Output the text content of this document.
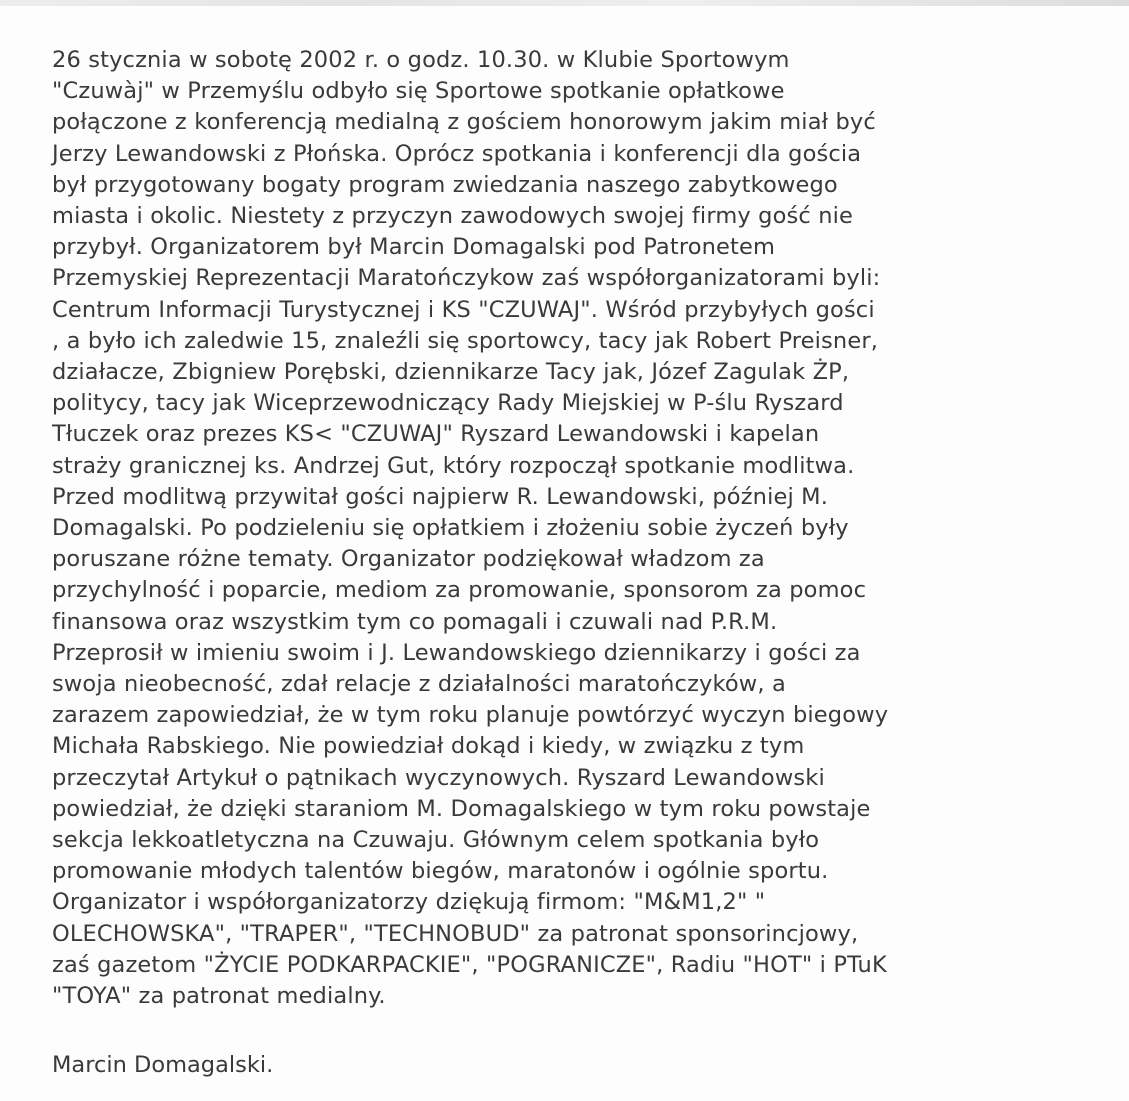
26 stycznia w sobotę 2002 r. o godz. 10.30. w Klubie Sportowym
"Czuwàj" w Przemyślu odbyło się Sportowe spotkanie opłatkowe
połączone z konferencją medialną z gościem honorowym jakim miał być
Jerzy Lewandowski z Płońska. Oprócz spotkania i konferencji dla gościa
był przygotowany bogaty program zwiedzania naszego zabytkowego
miasta i okolic. Niestety z przyczyn zawodowych swojej firmy gość nie
przybył. Organizatorem był Marcin Domagalski pod Patronetem
Przemyskiej Reprezentacji Maratończykow zaś współorganizatorami byli:
Centrum Informacji Turystycznej i KS "CZUWAJ". Wśród przybyłych gości
, a było ich zaledwie 15, znaleźli się sportowcy, tacy jak Robert Preisner,
działacze, Zbigniew Porębski, dziennikarze Tacy jak, Józef Zagulak ŻP,
politycy, tacy jak Wiceprzewodniczący Rady Miejskiej w P-ślu Ryszard
Tłuczek oraz prezes KS< "CZUWAJ" Ryszard Lewandowski i kapelan
straży granicznej ks. Andrzej Gut, który rozpoczął spotkanie modlitwa.
Przed modlitwą przywitał gości najpierw R. Lewandowski, później M.
Domagalski. Po podzieleniu się opłatkiem i złożeniu sobie życzeń były
poruszane różne tematy. Organizator podziękował władzom za
przychylność i poparcie, mediom za promowanie, sponsorom za pomoc
finansowa oraz wszystkim tym co pomagali i czuwali nad P.R.M.
Przeprosił w imieniu swoim i J. Lewandowskiego dziennikarzy i gości za
swoja nieobecność, zdał relacje z działalności maratończyków, a
zarazem zapowiedział, że w tym roku planuje powtórzyć wyczyn biegowy
Michała Rabskiego. Nie powiedział dokąd i kiedy, w związku z tym
przeczytał Artykuł o pątnikach wyczynowych. Ryszard Lewandowski
powiedział, że dzięki staraniom M. Domagalskiego w tym roku powstaje
sekcja lekkoatletyczna na Czuwaju. Głównym celem spotkania było
promowanie młodych talentów biegów, maratonów i ogólnie sportu.
Organizator i współorganizatorzy dziękują firmom: "M&M1,2" "
OLECHOWSKA", "TRAPER", "TECHNOBUD" za patronat sponsorincjowy,
zaś gazetom "ŻYCIE PODKARPACKIE", "POGRANICZE", Radiu "HOT" i PTuK
"TOYA" za patronat medialny.

Marcin Domagalski.
